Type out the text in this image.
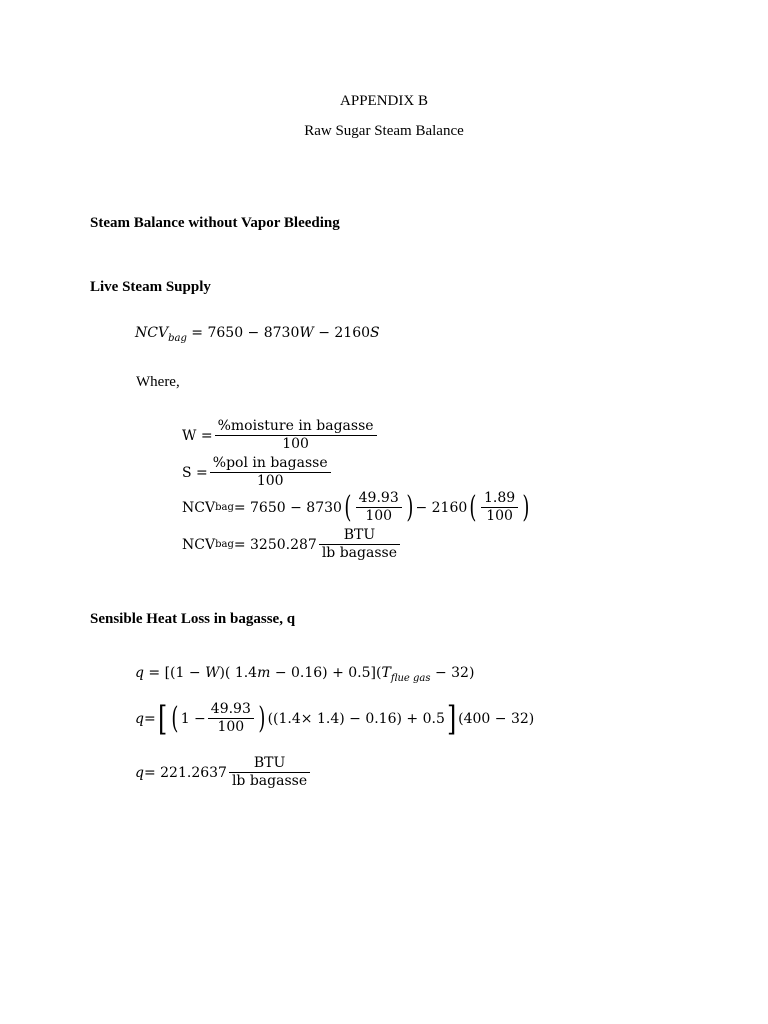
APPENDIX B
Raw Sugar Steam Balance
Steam Balance without Vapor Bleeding
Live Steam Supply
$NCV_{bag} = 7650 - 8730W - 2160S$
Where,
$W = \frac{\text{\%moisture in bagasse}}{100}$
$S = \frac{\text{\%pol in bagasse}}{100}$
NCV bag = 7650 − 8730 ( $\frac{49.93}{100}$ ) − 2160 ( $\frac{1.89}{100}$ )
NCV bag = $3250.287 \frac{\text{BTU}}{\text{lb bagasse}}$
Sensible Heat Loss in bagasse, q
q = [(1 − W)( $1.4m - 0.16) + 0.5](T_{flue gas} - 32)$
q = [ ( $1 - \frac{49.93}{100}$ ) ((1.4× 1.4) − 0.16) + 0.5 ] (400 − 32)
$q = 221.2637 \frac{\text{BTU}}{\text{lb bagasse}}$
